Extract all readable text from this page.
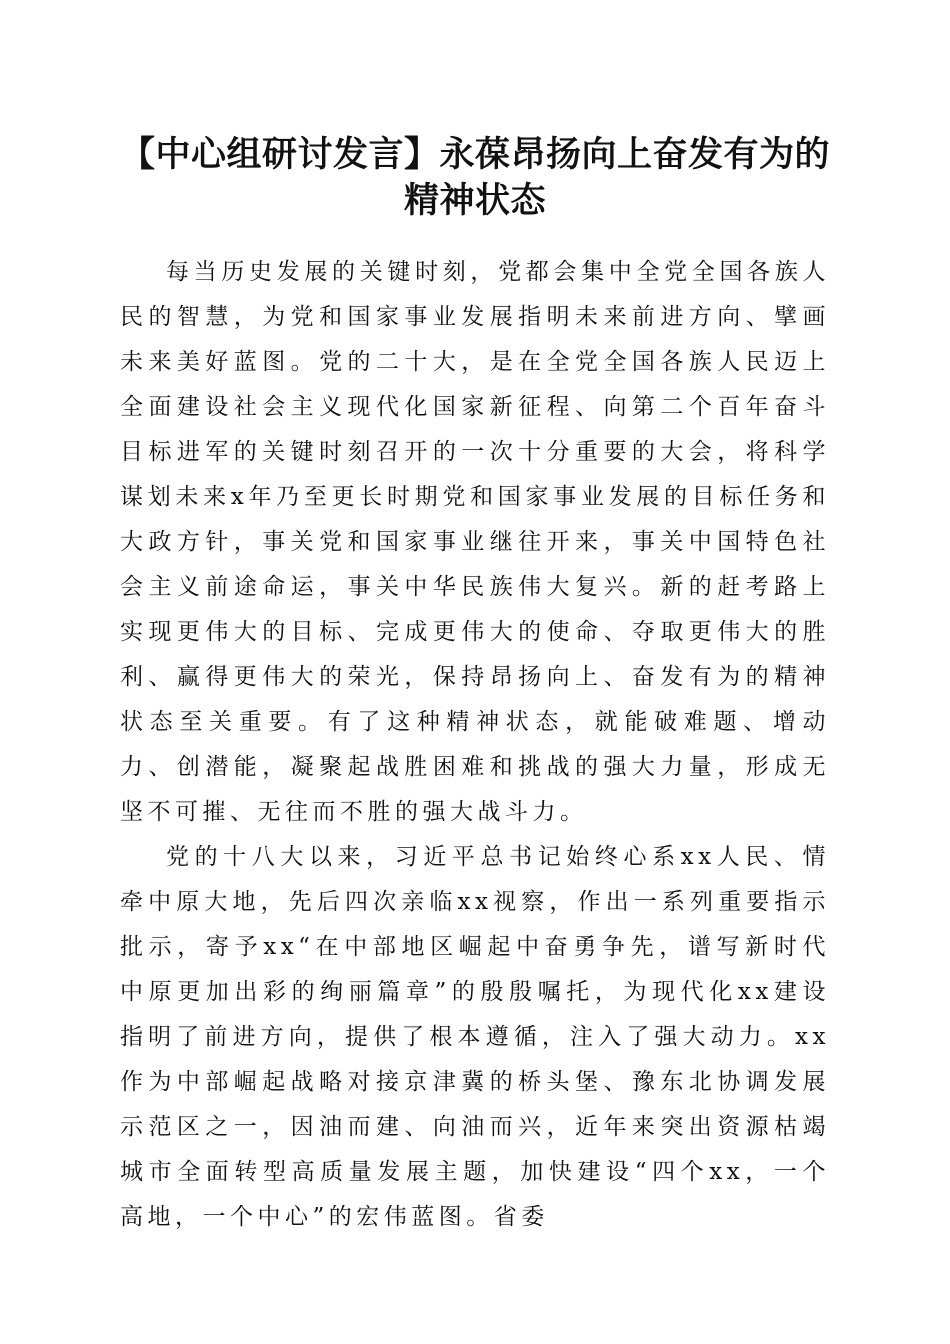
【中心组研讨发言】永葆昂扬向上奋发有为的
精神状态

每当历史发展的关键时刻，党都会集中全党全国各族人民的智慧，为党和国家事业发展指明未来前进方向、擘画未来美好蓝图。党的二十大，是在全党全国各族人民迈上全面建设社会主义现代化国家新征程、向第二个百年奋斗目标进军的关键时刻召开的一次十分重要的大会，将科学谋划未来x年乃至更长时期党和国家事业发展的目标任务和大政方针，事关党和国家事业继往开来，事关中国特色社会主义前途命运，事关中华民族伟大复兴。新的赶考路上实现更伟大的目标、完成更伟大的使命、夺取更伟大的胜利、赢得更伟大的荣光，保持昂扬向上、奋发有为的精神状态至关重要。有了这种精神状态，就能破难题、增动力、创潜能，凝聚起战胜困难和挑战的强大力量，形成无坚不可摧、无往而不胜的强大战斗力。

党的十八大以来，习近平总书记始终心系xx人民、情牵中原大地，先后四次亲临xx视察，作出一系列重要指示批示，寄予xx“在中部地区崛起中奋勇争先，谱写新时代中原更加出彩的绚丽篇章”的殷殷嘱托，为现代化xx建设指明了前进方向，提供了根本遵循，注入了强大动力。xx作为中部崛起战略对接京津冀的桥头堡、豫东北协调发展示范区之一，因油而建、向油而兴，近年来突出资源枯竭城市全面转型高质量发展主题，加快建设“四个xx，一个高地，一个中心”的宏伟蓝图。省委
